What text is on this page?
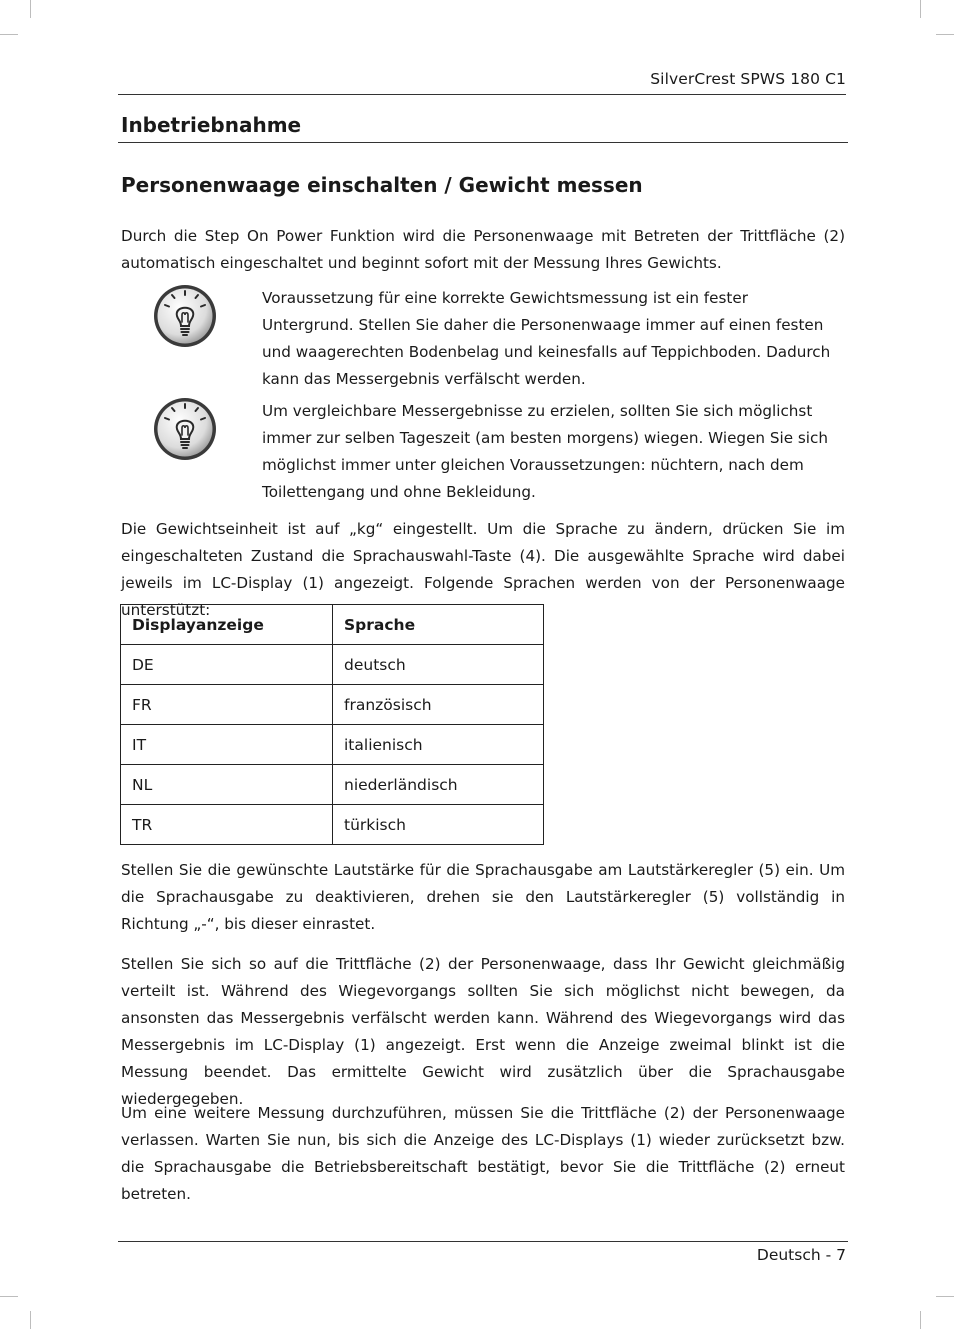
SilverCrest SPWS 180 C1
Inbetriebnahme
Personenwaage einschalten / Gewicht messen

Durch die Step On Power Funktion wird die Personenwaage mit Betreten der Trittfläche (2) automatisch eingeschaltet und beginnt sofort mit der Messung Ihres Gewichts.

Voraussetzung für eine korrekte Gewichtsmessung ist ein fester Untergrund. Stellen Sie daher die Personenwaage immer auf einen festen und waagerechten Bodenbelag und keinesfalls auf Teppichboden. Dadurch kann das Messergebnis verfälscht werden.

Um vergleichbare Messergebnisse zu erzielen, sollten Sie sich möglichst immer zur selben Tageszeit (am besten morgens) wiegen. Wiegen Sie sich möglichst immer unter gleichen Voraussetzungen: nüchtern, nach dem Toilettengang und ohne Bekleidung.

Die Gewichtseinheit ist auf „kg“ eingestellt. Um die Sprache zu ändern, drücken Sie im eingeschalteten Zustand die Sprachauswahl-Taste (4). Die ausgewählte Sprache wird dabei jeweils im LC-Display (1) angezeigt. Folgende Sprachen werden von der Personenwaage unterstützt:

Displayanzeige	Sprache
DE	deutsch
FR	französisch
IT	italienisch
NL	niederländisch
TR	türkisch

Stellen Sie die gewünschte Lautstärke für die Sprachausgabe am Lautstärkeregler (5) ein. Um die Sprachausgabe zu deaktivieren, drehen sie den Lautstärkeregler (5) vollständig in Richtung „-“, bis dieser einrastet.

Stellen Sie sich so auf die Trittfläche (2) der Personenwaage, dass Ihr Gewicht gleichmäßig verteilt ist. Während des Wiegevorgangs sollten Sie sich möglichst nicht bewegen, da ansonsten das Messergebnis verfälscht werden kann. Während des Wiegevorgangs wird das Messergebnis im LC-Display (1) angezeigt. Erst wenn die Anzeige zweimal blinkt ist die Messung beendet. Das ermittelte Gewicht wird zusätzlich über die Sprachausgabe wiedergegeben.

Um eine weitere Messung durchzuführen, müssen Sie die Trittfläche (2) der Personenwaage verlassen. Warten Sie nun, bis sich die Anzeige des LC-Displays (1) wieder zurücksetzt bzw. die Sprachausgabe die Betriebsbereitschaft bestätigt, bevor Sie die Trittfläche (2) erneut betreten.

Deutsch - 7
